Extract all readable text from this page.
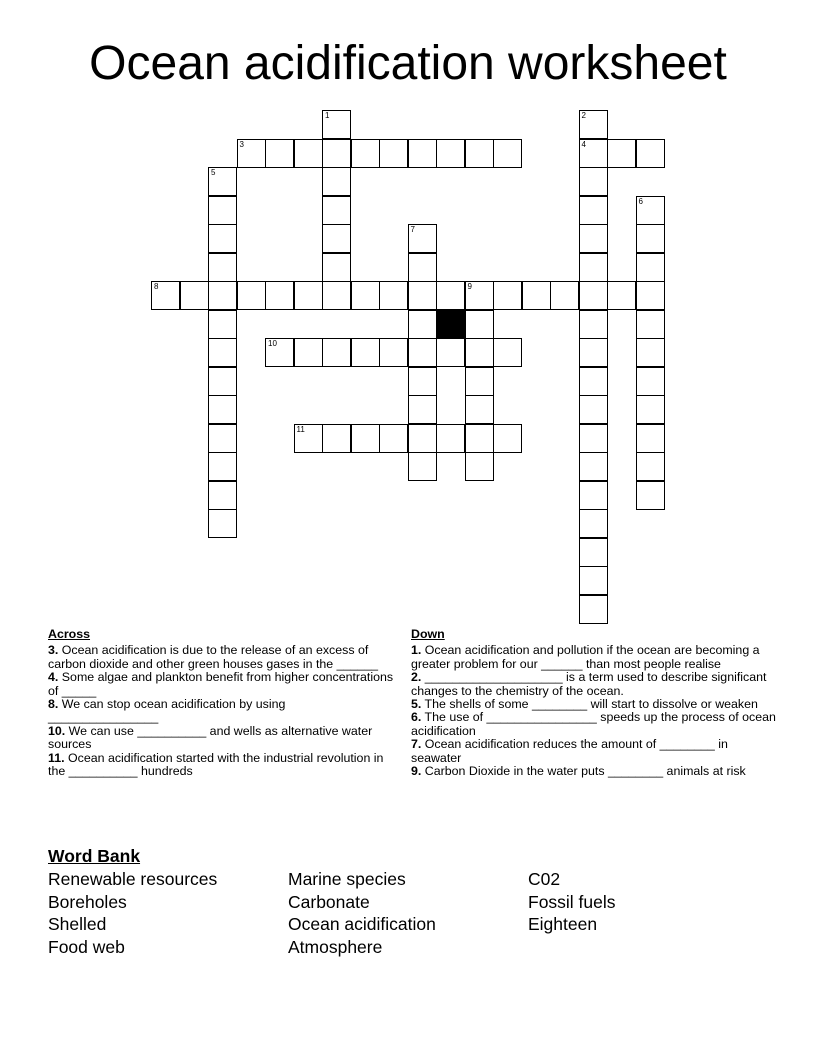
Ocean acidification worksheet
3	4
8	9
10
11
1	2
5
6
7
Across
3. Ocean acidification is due to the release of an excess of carbon dioxide and other green houses gases in the ______
4. Some algae and plankton benefit from higher concentrations of _____
8. We can stop ocean acidification by using ________________
10. We can use __________ and wells as alternative water sources
11. Ocean acidification started with the industrial revolution in the __________ hundreds
Down
1. Ocean acidification and pollution if the ocean are becoming a greater problem for our ______ than most people realise
2. ____________________ is a term used to describe significant changes to the chemistry of the ocean.
5. The shells of some ________ will start to dissolve or weaken
6. The use of ________________ speeds up the process of ocean acidification
7. Ocean acidification reduces the amount of ________ in seawater
9. Carbon Dioxide in the water puts ________ animals at risk
Word Bank
Renewable resources	Marine species	C02
Boreholes	Carbonate	Fossil fuels
Shelled	Ocean acidification	Eighteen
Food web	Atmosphere
